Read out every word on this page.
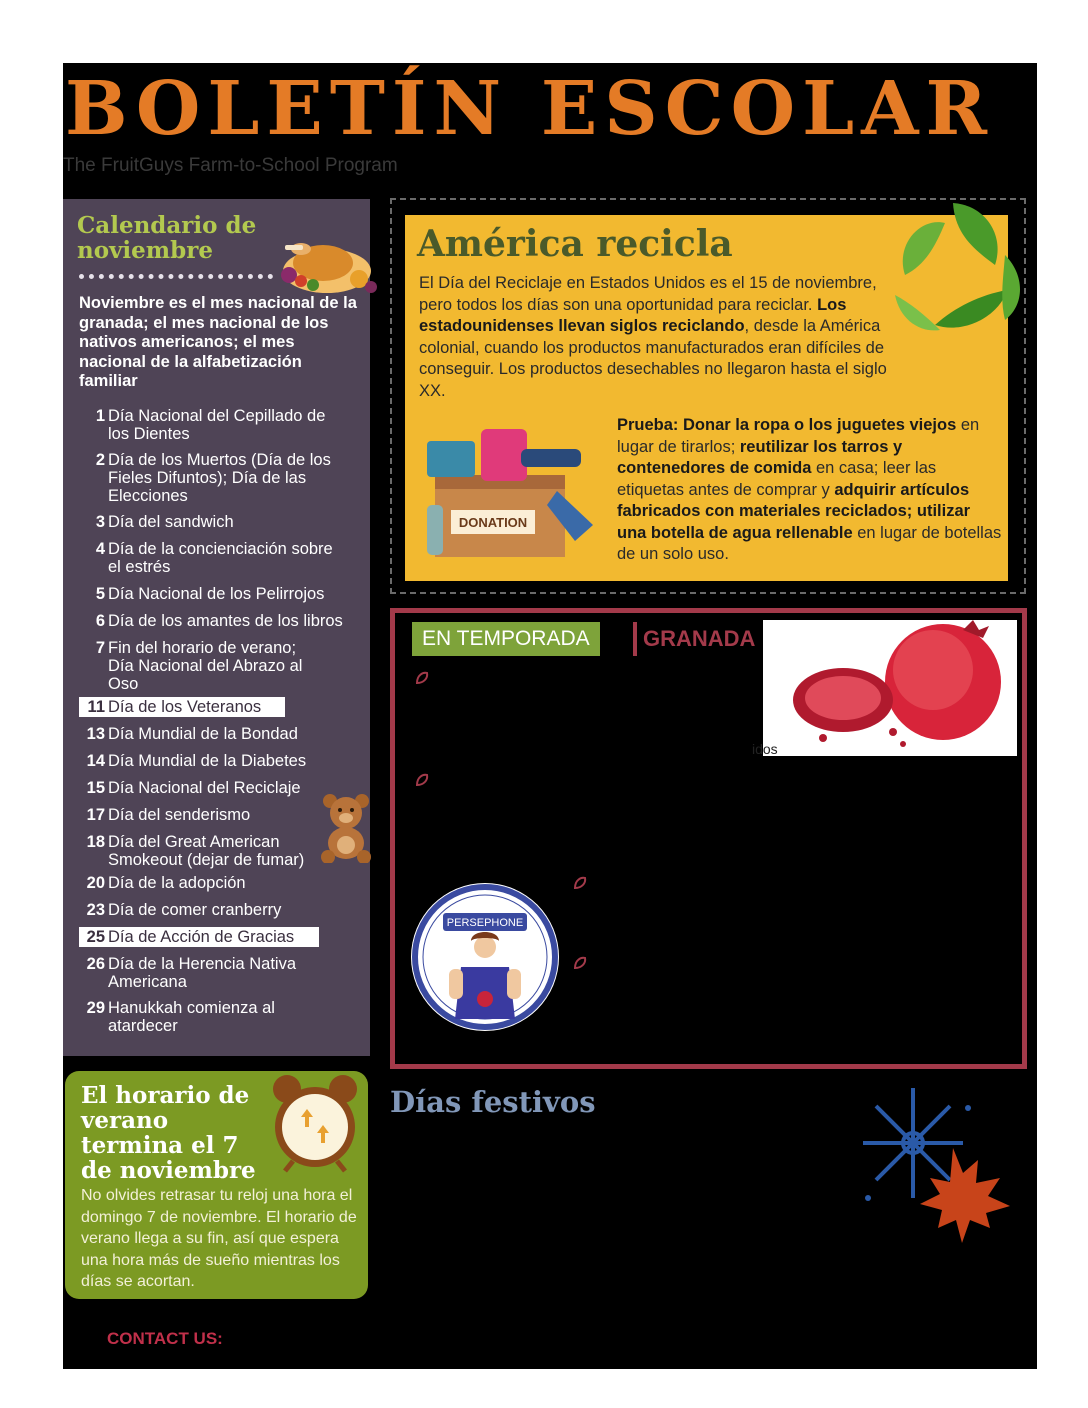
BOLETÍN ESCOLAR
The FruitGuys Farm-to-School Program
Calendario de noviembre
Noviembre es el mes nacional de la granada; el mes nacional de los nativos americanos; el mes nacional de la alfabetización familiar
1 Día Nacional del Cepillado de los Dientes
2 Día de los Muertos (Día de los Fieles Difuntos); Día de las Elecciones
3 Día del sandwich
4 Día de la concienciación sobre el estrés
5 Día Nacional de los Pelirrojos
6 Día de los amantes de los libros
7 Fin del horario de verano; Día Nacional del Abrazo al Oso
11 Día de los Veteranos
13 Día Mundial de la Bondad
14 Día Mundial de la Diabetes
15 Día Nacional del Reciclaje
17 Día del senderismo
18 Día del Great American Smokeout (dejar de fumar)
20 Día de la adopción
23 Día de comer cranberry
25 Día de Acción de Gracias
26 Día de la Herencia Nativa Americana
29 Hanukkah comienza al atardecer
El horario de verano termina el 7 de noviembre
No olvides retrasar tu reloj una hora el domingo 7 de noviembre. El horario de verano llega a su fin, así que espera una hora más de sueño mientras los días se acortan.
CONTACT US:
América recicla
El Día del Reciclaje en Estados Unidos es el 15 de noviembre, pero todos los días son una oportunidad para reciclar. Los estadounidenses llevan siglos reciclando, desde la América colonial, cuando los productos manufacturados eran difíciles de conseguir. Los productos desechables no llegaron hasta el siglo XX.
DONATION
Prueba: Donar la ropa o los juguetes viejos en lugar de tirarlos; reutilizar los tarros y contenedores de comida en casa; leer las etiquetas antes de comprar y adquirir artículos fabricados con materiales reciclados; utilizar una botella de agua rellenable en lugar de botellas de un solo uso.
EN TEMPORADA	GRANADA
idos
PERSEPHONE
Días festivos
